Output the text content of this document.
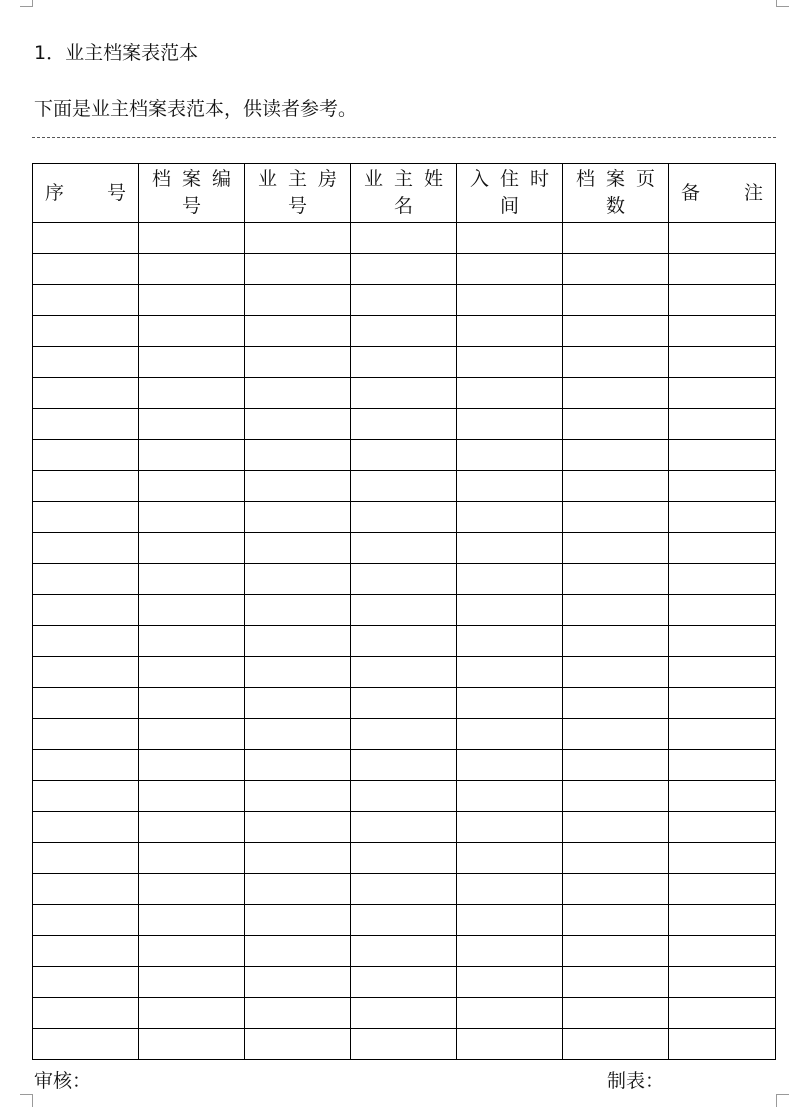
1．业主档案表范本
下面是业主档案表范本，供读者参考。
序 号	档案编号	业主房号	业主姓名	入住时间	档案页数	备 注

审核：	制表：
